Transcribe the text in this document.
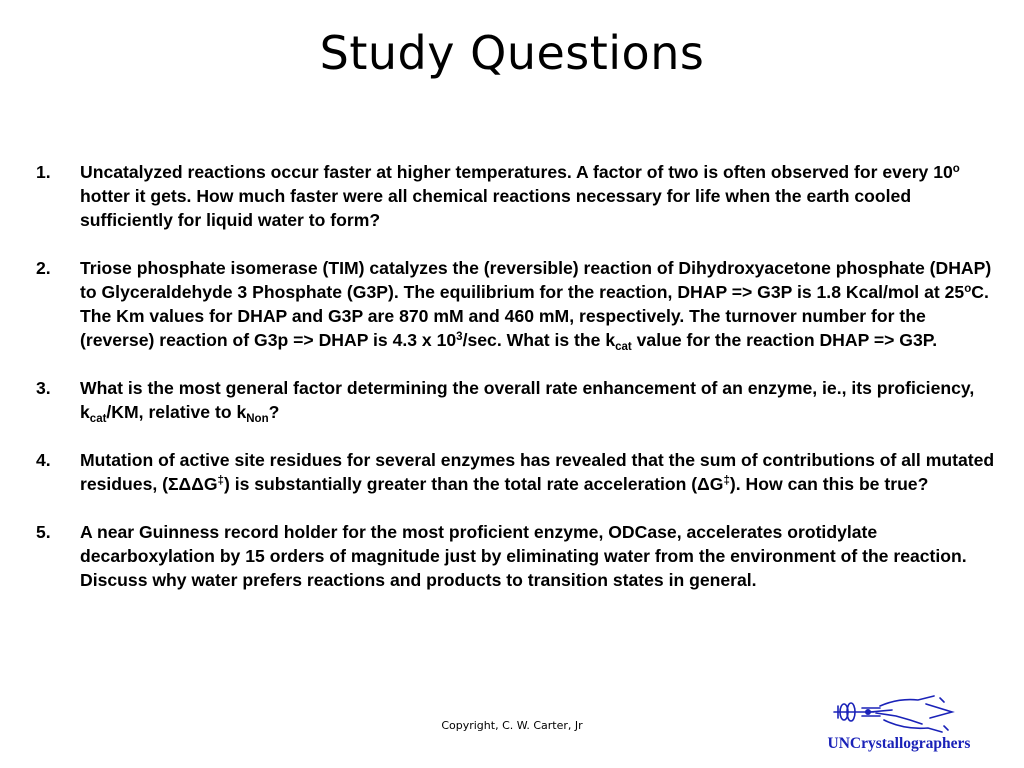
Study Questions
1. Uncatalyzed reactions occur faster at higher temperatures. A factor of two is often observed for every 10$^o$ hotter it gets. How much faster were all chemical reactions necessary for life when the earth cooled sufficiently for liquid water to form?
2. Triose phosphate isomerase (TIM) catalyzes the (reversible) reaction of Dihydroxyacetone phosphate (DHAP) to Glyceraldehyde 3 Phosphate (G3P). The equilibrium for the reaction, DHAP => G3P is 1.8 Kcal/mol at 25$^o$C. The Km values for DHAP and G3P are 870 mM and 460 mM, respectively. The turnover number for the (reverse) reaction of G3p => DHAP is 4.3 x $10^3/\sec$. What is the $k_{cat}$ value for the reaction DHAP => G3P.
3. What is the most general factor determining the overall rate enhancement of an enzyme, ie., its proficiency, $k_{cat}/KM$, relative to $k_{Non}$?
4. Mutation of active site residues for several enzymes has revealed that the sum of contributions of all mutated residues, (ΣΔΔG‡) is substantially greater than the total rate acceleration (ΔG‡). How can this be true?
5. A near Guinness record holder for the most proficient enzyme, ODCase, accelerates orotidylate decarboxylation by 15 orders of magnitude just by eliminating water from the environment of the reaction. Discuss why water prefers reactions and products to transition states in general.
Copyright, C. W. Carter, Jr
UNCrystallographers
